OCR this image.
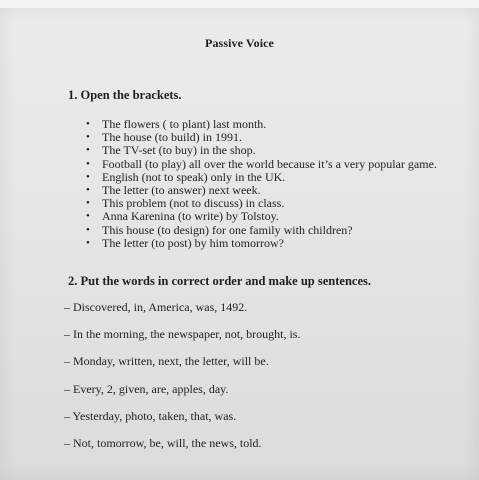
Passive Voice
1. Open the brackets.
• The flowers ( to plant) last month.
• The house (to build) in 1991.
• The TV-set (to buy) in the shop.
• Football (to play) all over the world because it’s a very popular game.
• English (not to speak) only in the UK.
• The letter (to answer) next week.
• This problem (not to discuss) in class.
• Anna Karenina (to write) by Tolstoy.
• This house (to design) for one family with children?
• The letter (to post) by him tomorrow?
2. Put the words in correct order and make up sentences.
– Discovered, in, America, was, 1492.
– In the morning, the newspaper, not, brought, is.
– Monday, written, next, the letter, will be.
– Every, 2, given, are, apples, day.
– Yesterday, photo, taken, that, was.
– Not, tomorrow, be, will, the news, told.
